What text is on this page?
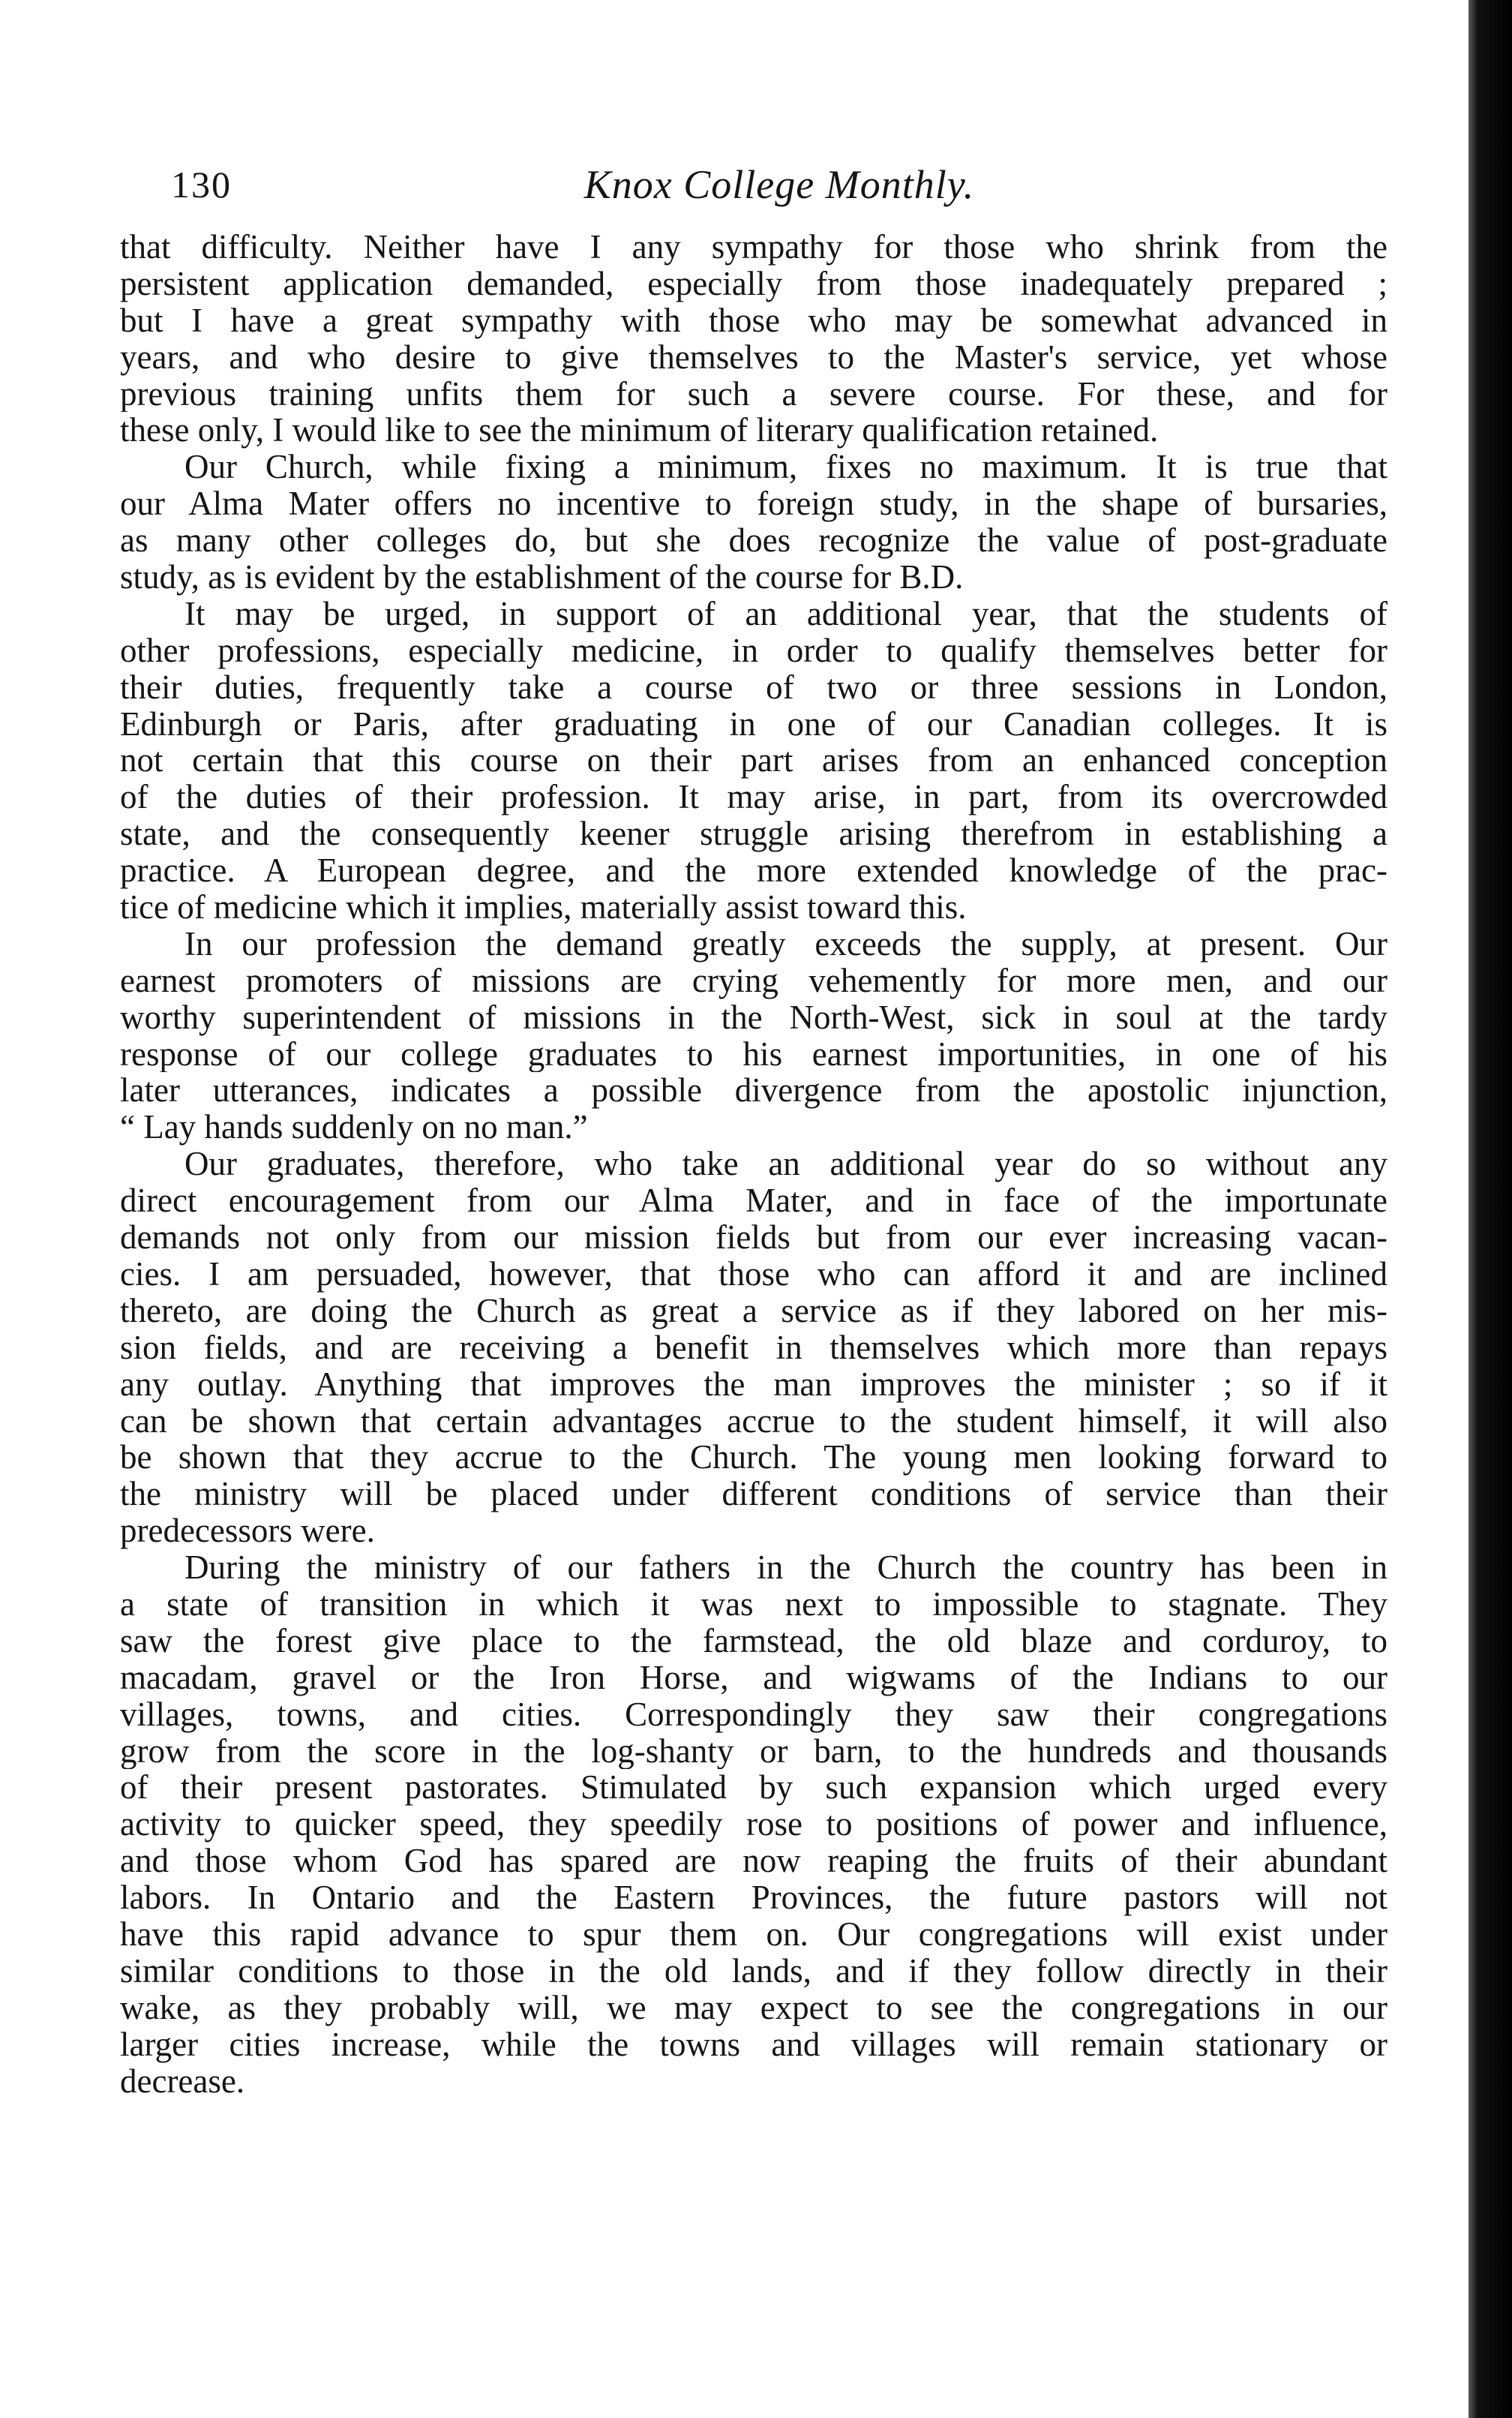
130	Knox College Monthly.
that difficulty. Neither have I any sympathy for those who shrink from the
persistent application demanded, especially from those inadequately prepared ;
but I have a great sympathy with those who may be somewhat advanced in
years, and who desire to give themselves to the Master's service, yet whose
previous training unfits them for such a severe course. For these, and for
these only, I would like to see the minimum of literary qualification retained.
Our Church, while fixing a minimum, fixes no maximum. It is true that
our Alma Mater offers no incentive to foreign study, in the shape of bursaries,
as many other colleges do, but she does recognize the value of post-graduate
study, as is evident by the establishment of the course for B.D.
It may be urged, in support of an additional year, that the students of
other professions, especially medicine, in order to qualify themselves better for
their duties, frequently take a course of two or three sessions in London,
Edinburgh or Paris, after graduating in one of our Canadian colleges. It is
not certain that this course on their part arises from an enhanced conception
of the duties of their profession. It may arise, in part, from its overcrowded
state, and the consequently keener struggle arising therefrom in establishing a
practice. A European degree, and the more extended knowledge of the prac-
tice of medicine which it implies, materially assist toward this.
In our profession the demand greatly exceeds the supply, at present. Our
earnest promoters of missions are crying vehemently for more men, and our
worthy superintendent of missions in the North-West, sick in soul at the tardy
response of our college graduates to his earnest importunities, in one of his
later utterances, indicates a possible divergence from the apostolic injunction,
“ Lay hands suddenly on no man.”
Our graduates, therefore, who take an additional year do so without any
direct encouragement from our Alma Mater, and in face of the importunate
demands not only from our mission fields but from our ever increasing vacan-
cies. I am persuaded, however, that those who can afford it and are inclined
thereto, are doing the Church as great a service as if they labored on her mis-
sion fields, and are receiving a benefit in themselves which more than repays
any outlay. Anything that improves the man improves the minister ; so if it
can be shown that certain advantages accrue to the student himself, it will also
be shown that they accrue to the Church. The young men looking forward to
the ministry will be placed under different conditions of service than their
predecessors were.
During the ministry of our fathers in the Church the country has been in
a state of transition in which it was next to impossible to stagnate. They
saw the forest give place to the farmstead, the old blaze and corduroy, to
macadam, gravel or the Iron Horse, and wigwams of the Indians to our
villages, towns, and cities. Correspondingly they saw their congregations
grow from the score in the log-shanty or barn, to the hundreds and thousands
of their present pastorates. Stimulated by such expansion which urged every
activity to quicker speed, they speedily rose to positions of power and influence,
and those whom God has spared are now reaping the fruits of their abundant
labors. In Ontario and the Eastern Provinces, the future pastors will not
have this rapid advance to spur them on. Our congregations will exist under
similar conditions to those in the old lands, and if they follow directly in their
wake, as they probably will, we may expect to see the congregations in our
larger cities increase, while the towns and villages will remain stationary or
decrease.
